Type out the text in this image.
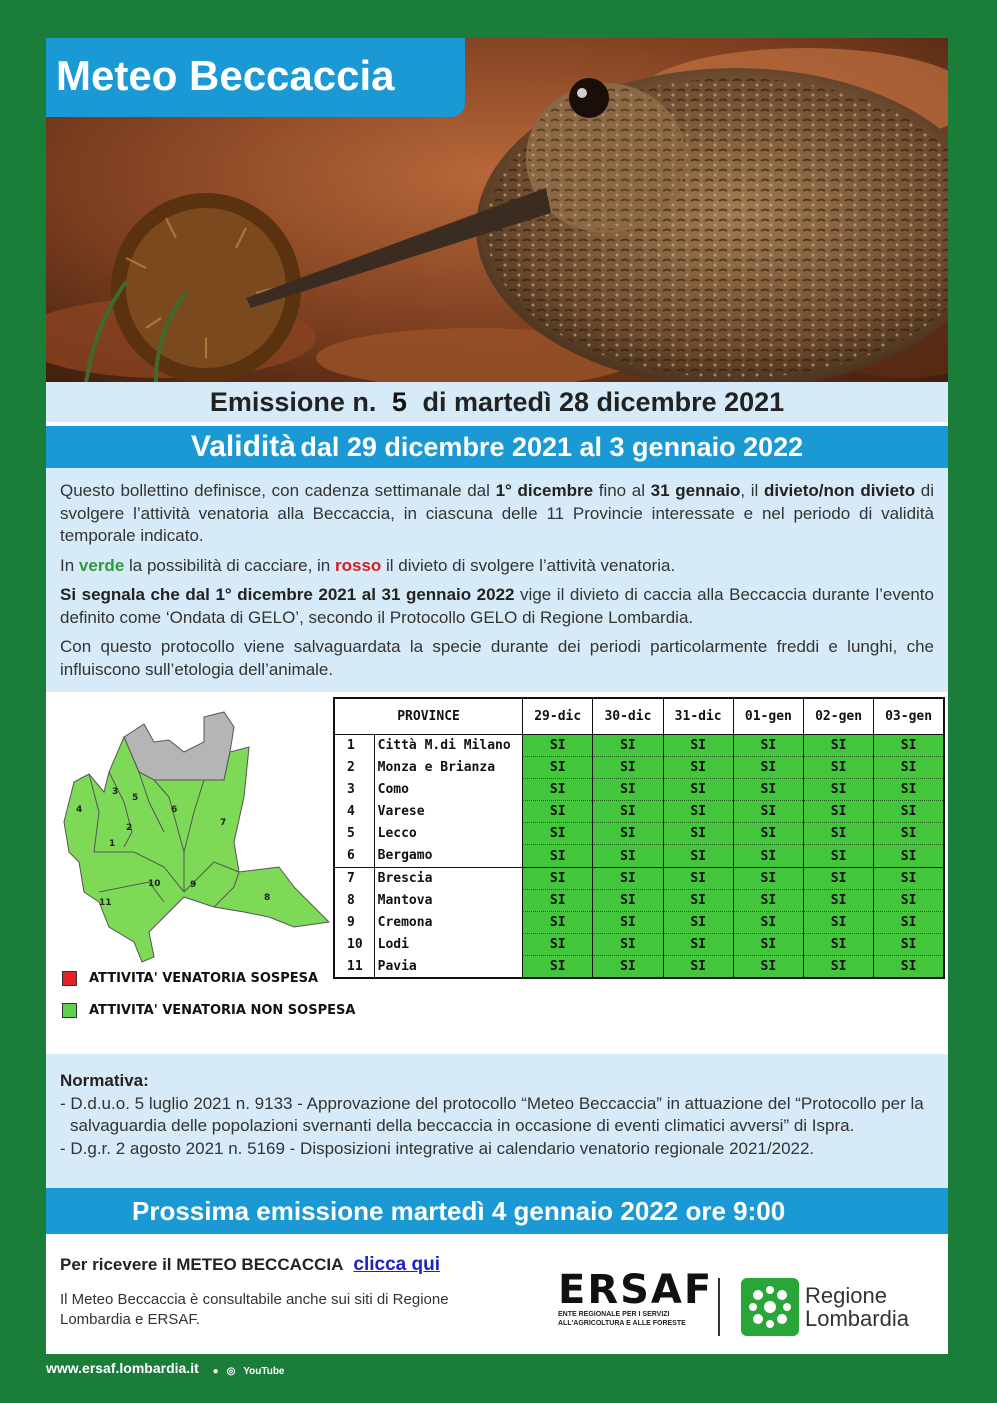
Meteo Beccaccia
Emissione n. 5 di martedì 28 dicembre 2021
Validità dal 29 dicembre 2021 al 3 gennaio 2022

Questo bollettino definisce, con cadenza settimanale dal 1° dicembre fino al 31 gennaio, il divieto/non divieto di svolgere l’attività venatoria alla Beccaccia, in ciascuna delle 11 Provincie interessate e nel periodo di validità temporale indicato.

In verde la possibilità di cacciare, in rosso il divieto di svolgere l’attività venatoria.

Si segnala che dal 1° dicembre 2021 al 31 gennaio 2022 vige il divieto di caccia alla Beccaccia durante l’evento definito come ‘Ondata di GELO’, secondo il Protocollo GELO di Regione Lombardia.

Con questo protocollo viene salvaguardata la specie durante dei periodi particolarmente freddi e lunghi, che influiscono sull’etologia dell’animale.

1
2
3
4
5
6
7
8
9
10
11
ATTIVITA' VENATORIA SOSPESA
ATTIVITA' VENATORIA NON SOSPESA
PROVINCE		29-dic	30-dic	31-dic	01-gen	02-gen	03-gen
1	Città M.di Milano	SI	SI	SI	SI	SI	SI
2	Monza e Brianza	SI	SI	SI	SI	SI	SI
3	Como	SI	SI	SI	SI	SI	SI
4	Varese	SI	SI	SI	SI	SI	SI
5	Lecco	SI	SI	SI	SI	SI	SI
6	Bergamo	SI	SI	SI	SI	SI	SI
7	Brescia	SI	SI	SI	SI	SI	SI
8	Mantova	SI	SI	SI	SI	SI	SI
9	Cremona	SI	SI	SI	SI	SI	SI
10	Lodi	SI	SI	SI	SI	SI	SI
11	Pavia	SI	SI	SI	SI	SI	SI
Normativa:
- D.d.u.o. 5 luglio 2021 n. 9133 - Approvazione del protocollo “Meteo Beccaccia” in attuazione del “Protocollo per la salvaguardia delle popolazioni svernanti della beccaccia in occasione di eventi climatici avversi” di Ispra.
- D.g.r. 2 agosto 2021 n. 5169 - Disposizioni integrative ai calendario venatorio regionale 2021/2022.
Prossima emissione martedì 4 gennaio 2022 ore 9:00
Per ricevere il METEO BECCACCIA clicca qui
Il Meteo Beccaccia è consultabile anche sui siti di Regione Lombardia e ERSAF.
ERSAF
ENTE REGIONALE PER I SERVIZI
ALL'AGRICOLTURA E ALLE FORESTE
Regione
Lombardia
www.ersaf.lombardia.it ● ◎ YouTube
